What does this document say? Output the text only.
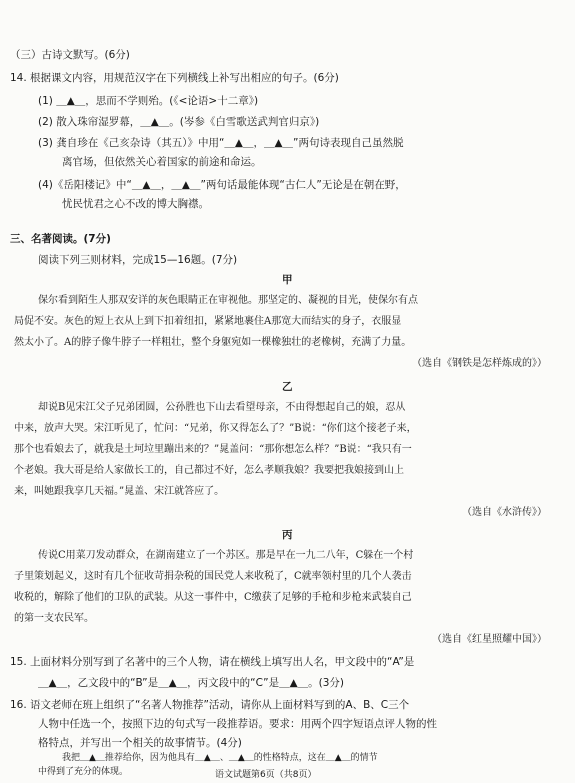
（三）古诗文默写。(6分)
14. 根据课文内容，用规范汉字在下列横线上补写出相应的句子。(6分)
(1) ＿▲＿，思而不学则殆。(《<论语>十二章》)
(2) 散入珠帘湿罗幕，＿▲＿。(岑参《白雪歌送武判官归京》)
(3) 龚自珍在《己亥杂诗（其五）》中用“＿▲＿，＿▲＿”两句诗表现自己虽然脱
离官场，但依然关心着国家的前途和命运。
(4)《岳阳楼记》中“＿▲＿，＿▲＿”两句话最能体现“古仁人”无论是在朝在野，
忧民忧君之心不改的博大胸襟。
三、名著阅读。(7分)
阅读下列三则材料，完成15—16题。(7分)
甲
保尔看到陌生人那双安详的灰色眼睛正在审视他。那坚定的、凝视的目光，使保尔有点
局促不安。灰色的短上衣从上到下扣着纽扣，紧紧地裹住A那宽大而结实的身子，衣服显
然太小了。A的脖子像牛脖子一样粗壮，整个身躯宛如一棵橡独壮的老橡树，充满了力量。
（选自《钢铁是怎样炼成的》）
乙
却说B见宋江父子兄弟团圆，公孙胜也下山去看望母亲，不由得想起自己的娘，忍从
中来，放声大哭。宋江听见了，忙问：“兄弟，你又得怎么了？”B说：“你们这个接老子来，
那个也看娘去了，就我是土坷垃里蹦出来的？”晁盖问：“那你想怎么样？”B说：“我只有一
个老娘。我大哥是给人家做长工的，自己都过不好，怎么孝顺我娘？我要把我娘接到山上
来，叫她跟我享几天福。”晁盖、宋江就答应了。
（选自《水浒传》）
丙
传说C用菜刀发动群众，在湖南建立了一个苏区。那是早在一九二八年，C躲在一个村
子里策划起义，这时有几个征收苛捐杂税的国民党人来收税了，C就率领村里的几个人袭击
收税的，解除了他们的卫队的武装。从这一事件中，C缴获了足够的手枪和步枪来武装自己
的第一支农民军。
（选自《红星照耀中国》）
15. 上面材料分别写到了名著中的三个人物，请在横线上填写出人名，甲文段中的“A”是
＿▲＿，乙文段中的“B”是＿▲＿，丙文段中的“C”是＿▲＿。(3分)
16. 语文老师在班上组织了“名著人物推荐”活动，请你从上面材料写到的A、B、C三个
人物中任选一个，按照下边的句式写一段推荐语。要求：用两个四字短语点评人物的性
格特点，并写出一个相关的故事情节。(4分)
我把＿▲＿推荐给你，因为他具有＿▲＿、＿▲＿的性格特点，这在＿▲＿的情节
中得到了充分的体现。	语文试题第6页（共8页）
